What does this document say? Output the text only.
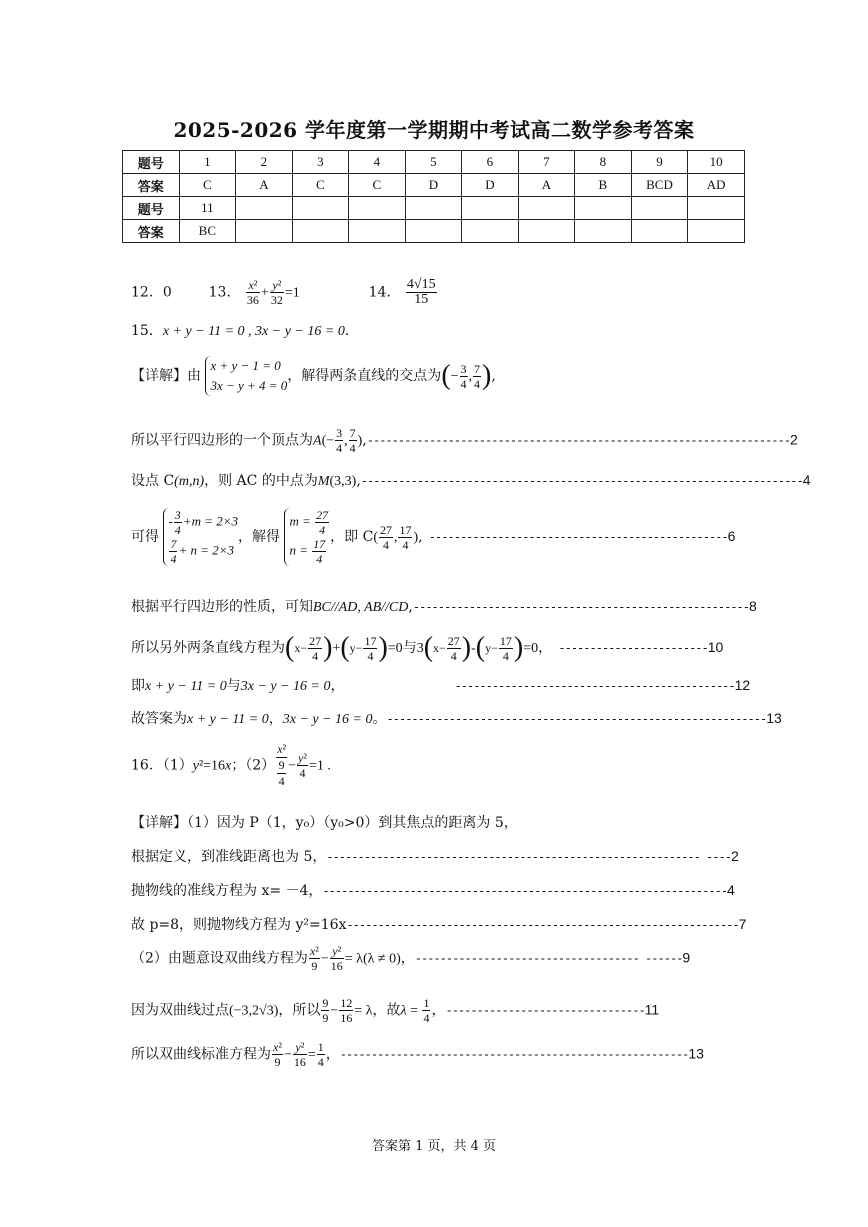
2025-2026 学年度第一学期期中考试高二数学参考答案
题号	1	2	3	4	5	6	7	8	9	10
答案	C	A	C	C	D	D	A	B	BCD	AD
题号	11									
答案	BC									
12．0	13． $\frac{\text{x²}}{36} + \frac{\text{y²}}{32} =1$	14． $\frac{4√15}{15}$
15．x + y − 11 = 0 , 3x − y − 16 = 0.
【详解】由 x + y − 1 = 0
3x − y + 4 = 0，解得两条直线的交点为(− $\frac{3}{4}$ , $\frac{7}{4}$ ),
所以平行四边形的一个顶点为$A(- \frac{3}{4}$ , $\frac{7}{4} ),--------------------------------------------------------------------2$
设点 C(m,n)，则 AC 的中点为M(3,3),-----------------------------------------------------------------------4
可得 - $\frac{3}{4} +m = 2\times 3$

$\frac{7}{4} + n = 2\times 3$，解得 $m = \frac{27}{4}$

$n = \frac{17}{4}$ ，即 $C( \frac{27}{4}$ , $\frac{17}{4}$ ), ------------------------------------------------6
根据平行四边形的性质，可知BC//AD, AB//CD,------------------------------------------------------8
所以另外两条直线方程为$(x- \frac{27}{4} )+(y- \frac{17}{4} )=0$与$3(x- \frac{27}{4} )-(y- \frac{17}{4} )=0$， ------------------------10
即x + y − 11 = 0与3x − y − 16 = 0，	---------------------------------------------12
故答案为x + y − 11 = 0，3x − y − 16 = 0。-------------------------------------------------------------13
16．（1）y²=16x；（2） x²
9
$4 - \frac{\text{y²}}{4} =1$ .
【详解】（1）因为 P（1，y₀）（y₀>0）到其焦点的距离为 5，
根据定义，到准线距离也为 5，------------------------------------------------------------ ----2
抛物线的准线方程为 x= －4，-----------------------------------------------------------------4
故 p=8，则抛物线方程为 y²=16x---------------------------------------------------------------7
（2）由题意设双曲线方程为 $\frac{\text{x²}}{9} - \frac{\text{y²}}{16} = \lambda(\lambda \ne 0)$，------------------------------------ ------9
因为双曲线过点(−3,2√3)，所以 $\frac{9}{9} - \frac{12}{16} = \lambda$，故$\lambda = \frac{1}{4}$ ，--------------------------------11
所以双曲线标准方程为 $\frac{\text{x²}}{9} - \frac{\text{y²}}{16} = \frac{1}{4}$ ，--------------------------------------------------------13
答案第 1 页，共 4 页
